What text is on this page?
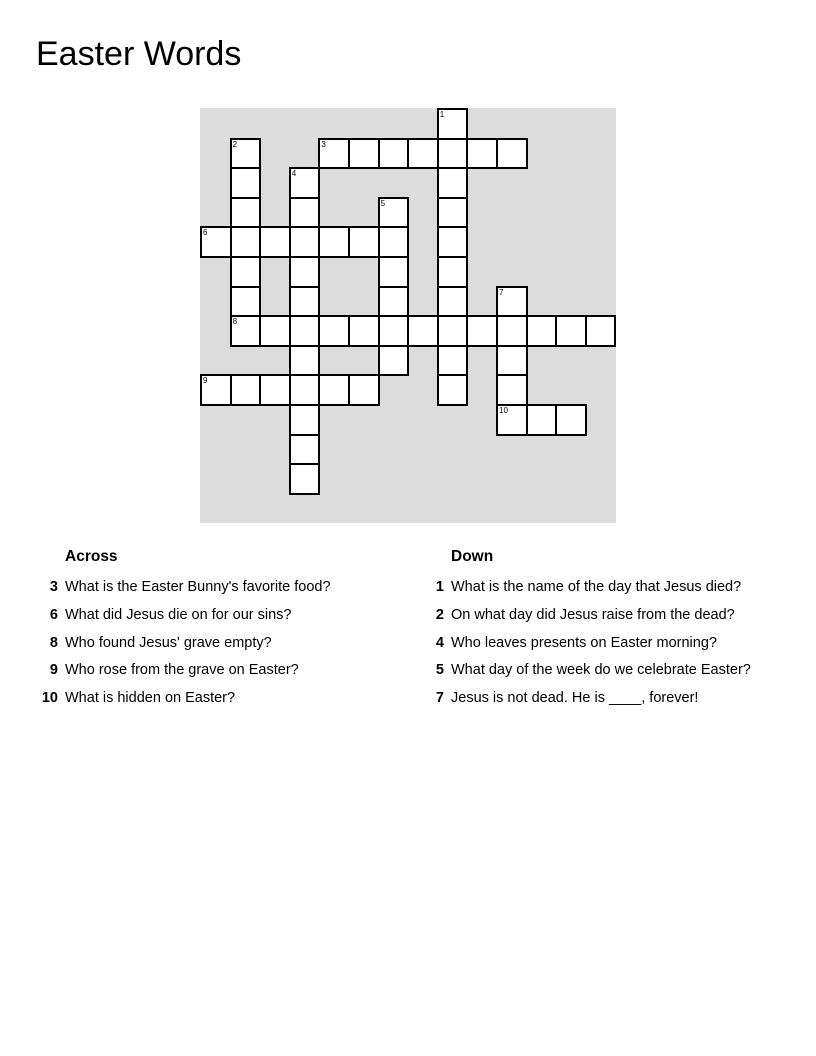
Easter Words
1
2	3
4
5
6
7
10
8
9
Across
3 What is the Easter Bunny's favorite food?
6 What did Jesus die on for our sins?
8 Who found Jesus' grave empty?
9 Who rose from the grave on Easter?
10 What is hidden on Easter?
Down
1 What is the name of the day that Jesus died?
2 On what day did Jesus raise from the dead?
4 Who leaves presents on Easter morning?
5 What day of the week do we celebrate Easter?
7 Jesus is not dead. He is ____, forever!
